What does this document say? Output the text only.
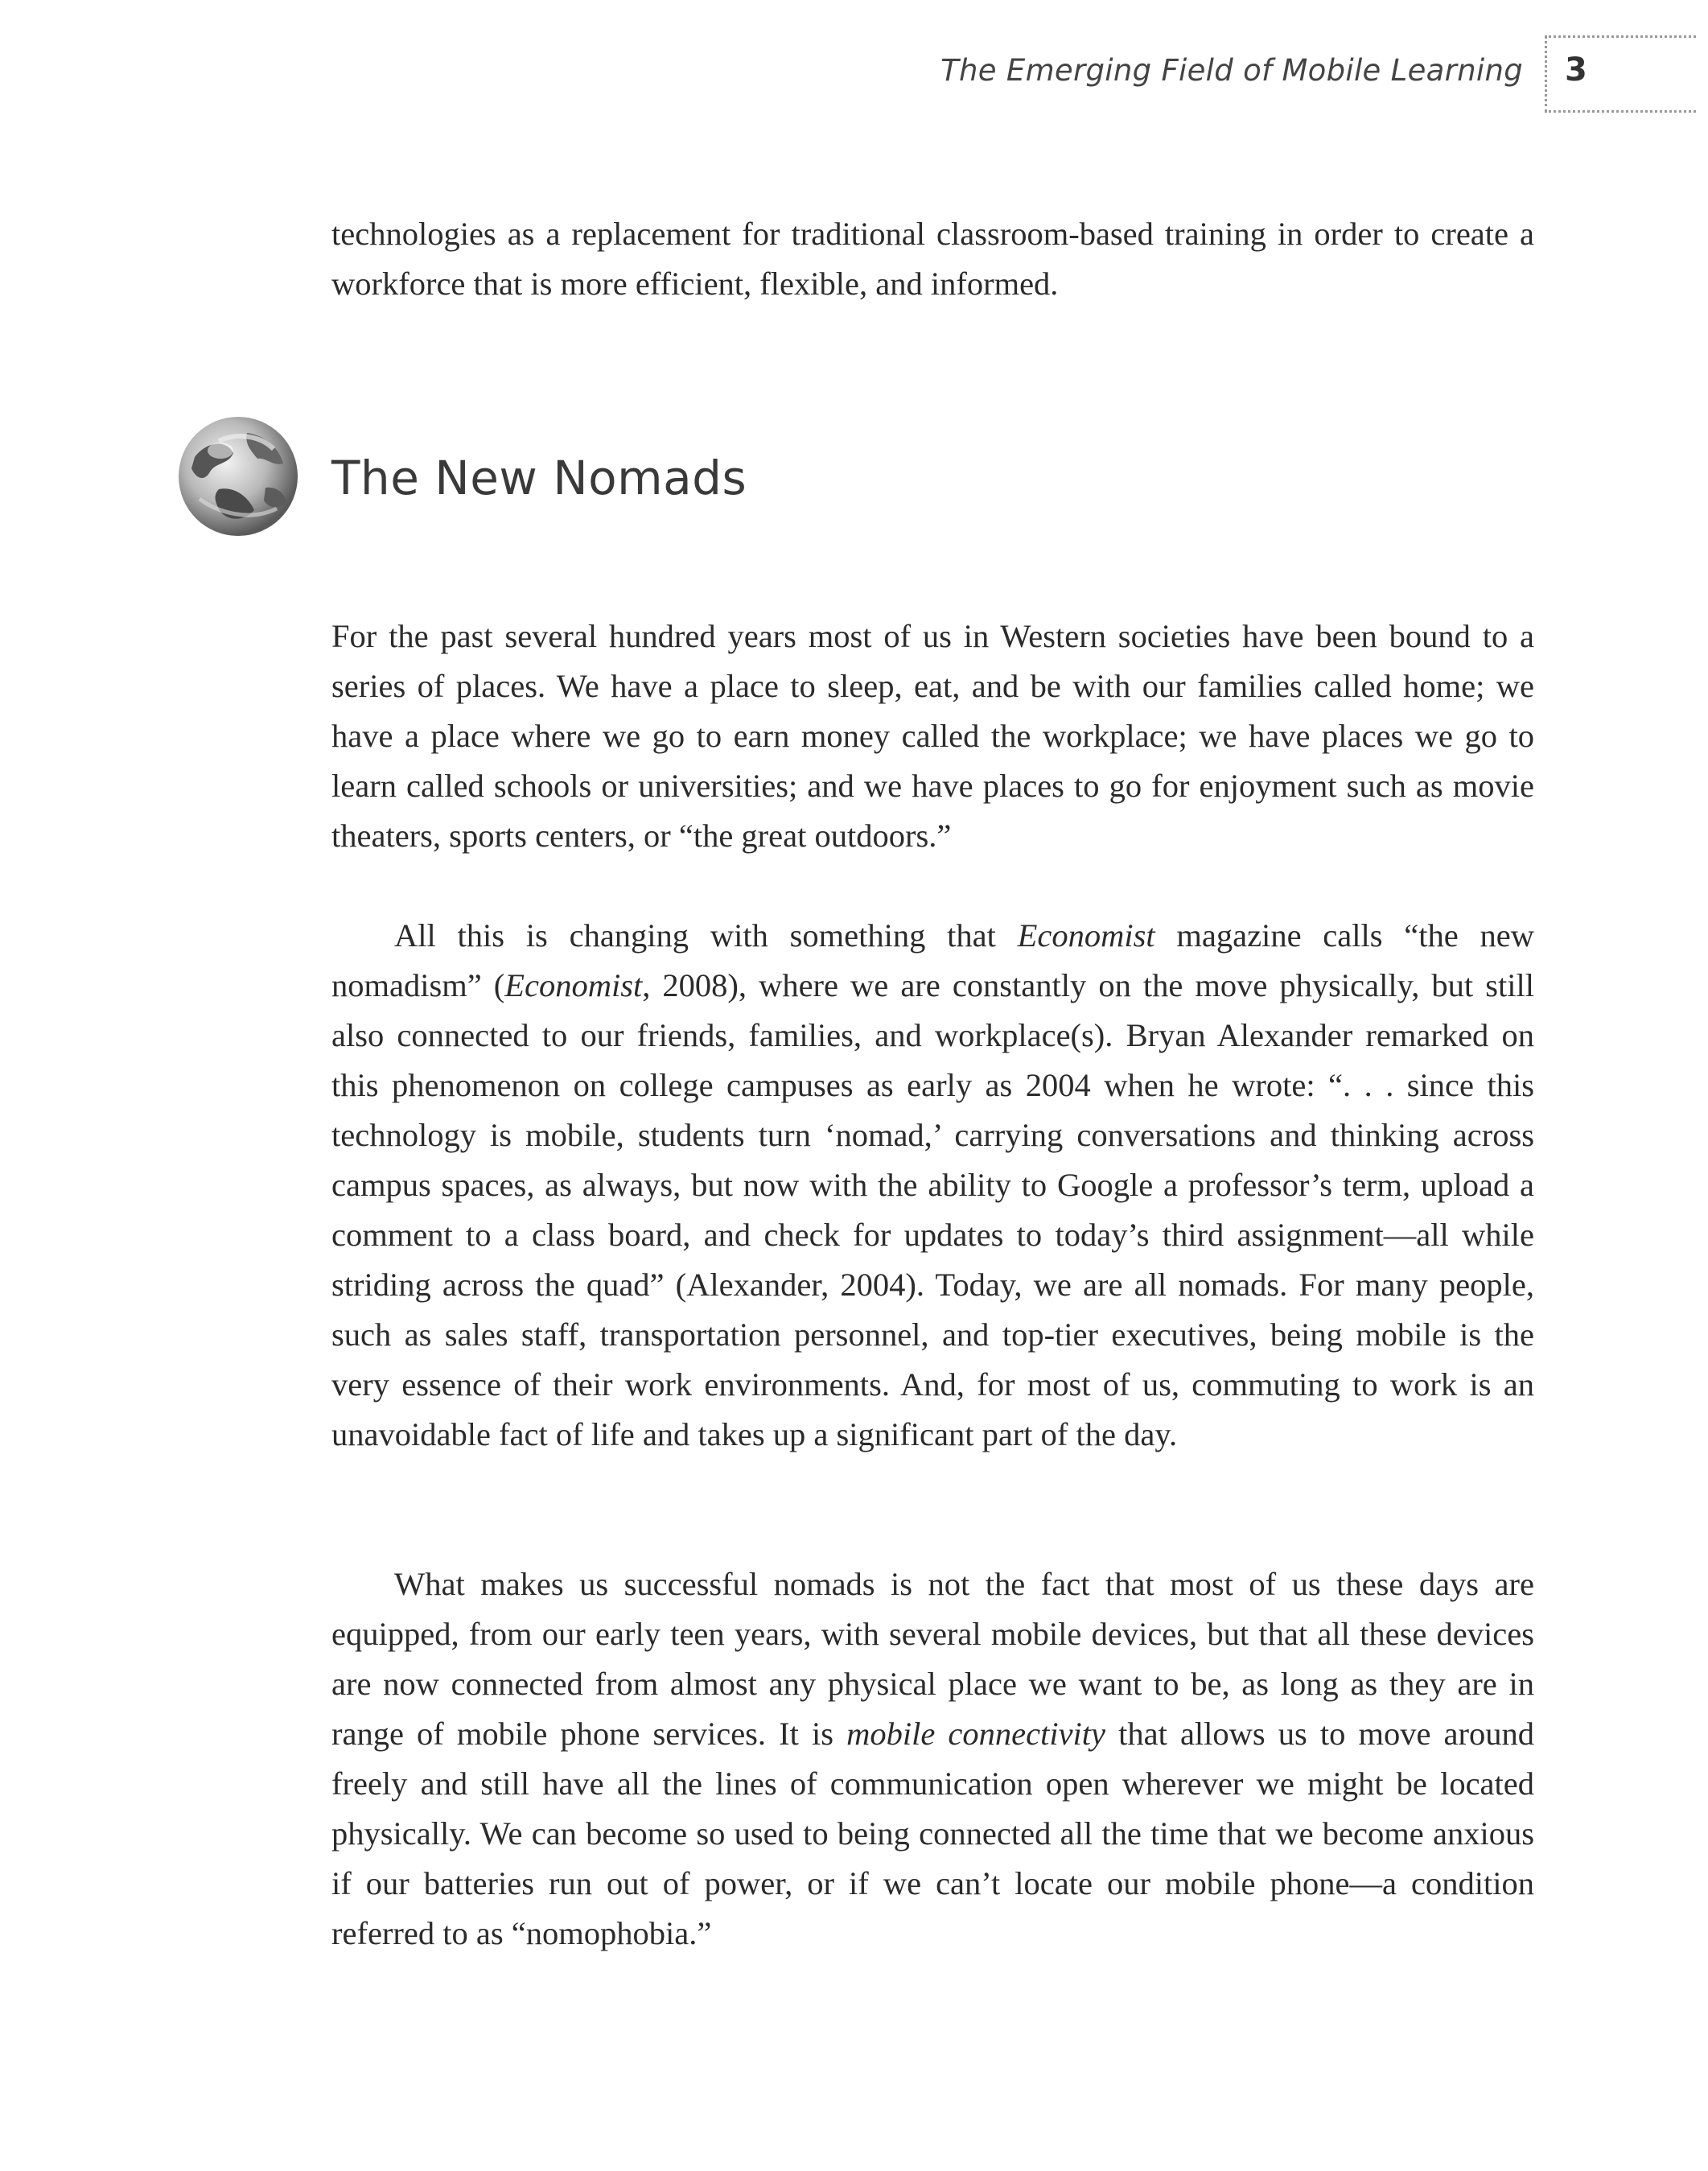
The Emerging Field of Mobile Learning 3

technologies as a replacement for traditional classroom-based training in order to create a workforce that is more efficient, flexible, and informed.

The New Nomads

For the past several hundred years most of us in Western societies have been bound to a series of places. We have a place to sleep, eat, and be with our families called home; we have a place where we go to earn money called the workplace; we have places we go to learn called schools or universities; and we have places to go for enjoyment such as movie theaters, sports centers, or “the great outdoors.”

All this is changing with something that Economist magazine calls “the new nomadism” (Economist, 2008), where we are constantly on the move physically, but still also connected to our friends, families, and workplace(s). Bryan Alexander remarked on this phenomenon on college campuses as early as 2004 when he wrote: “. . . since this technology is mobile, students turn ‘nomad,’ carrying conversations and thinking across campus spaces, as always, but now with the ability to Google a professor’s term, upload a comment to a class board, and check for updates to today’s third assignment—all while striding across the quad” (Alexander, 2004). Today, we are all nomads. For many people, such as sales staff, transportation personnel, and top-tier executives, being mobile is the very essence of their work environments. And, for most of us, commuting to work is an unavoidable fact of life and takes up a significant part of the day.

What makes us successful nomads is not the fact that most of us these days are equipped, from our early teen years, with several mobile devices, but that all these devices are now connected from almost any physical place we want to be, as long as they are in range of mobile phone services. It is mobile connectivity that allows us to move around freely and still have all the lines of communication open wherever we might be located physically. We can become so used to being connected all the time that we become anxious if our batteries run out of power, or if we can’t locate our mobile phone—a condition referred to as “nomophobia.”
